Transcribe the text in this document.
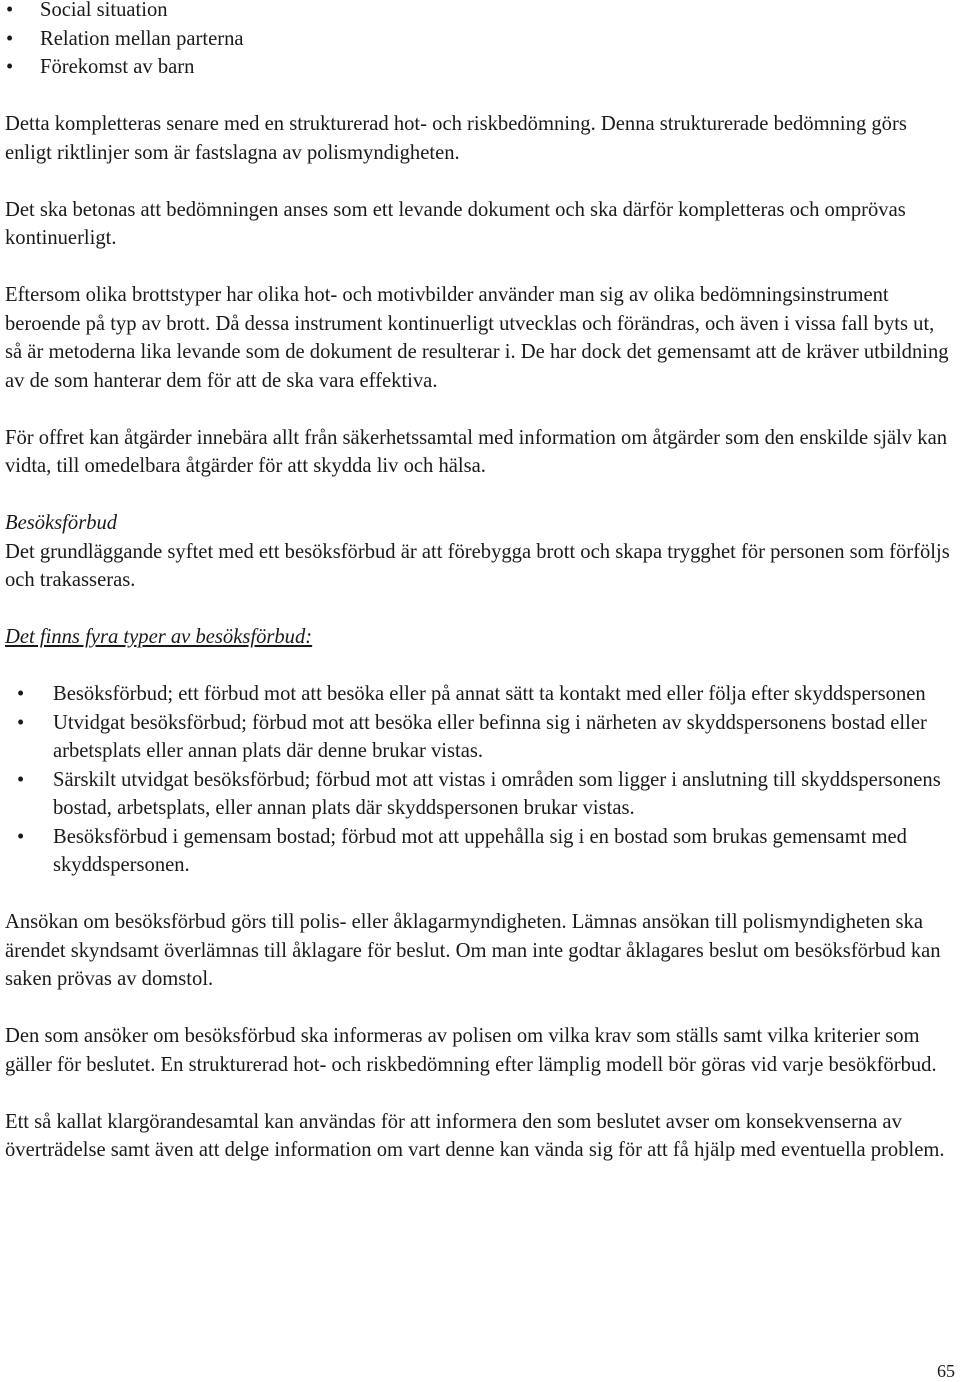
• Social situation
• Relation mellan parterna
• Förekomst av barn

Detta kompletteras senare med en strukturerad hot- och riskbedömning. Denna strukturerade bedömning görs enligt riktlinjer som är fastslagna av polismyndigheten.

Det ska betonas att bedömningen anses som ett levande dokument och ska därför kompletteras och omprövas kontinuerligt.

Eftersom olika brottstyper har olika hot- och motivbilder använder man sig av olika bedömningsinstrument beroende på typ av brott. Då dessa instrument kontinuerligt utvecklas och förändras, och även i vissa fall byts ut, så är metoderna lika levande som de dokument de resulterar i. De har dock det gemensamt att de kräver utbildning av de som hanterar dem för att de ska vara effektiva.

För offret kan åtgärder innebära allt från säkerhetssamtal med information om åtgärder som den enskilde själv kan vidta, till omedelbara åtgärder för att skydda liv och hälsa.

Besöksförbud

Det grundläggande syftet med ett besöksförbud är att förebygga brott och skapa trygghet för personen som förföljs och trakasseras.

Det finns fyra typer av besöksförbud:

• Besöksförbud; ett förbud mot att besöka eller på annat sätt ta kontakt med eller följa efter skyddspersonen
• Utvidgat besöksförbud; förbud mot att besöka eller befinna sig i närheten av skyddspersonens bostad eller arbetsplats eller annan plats där denne brukar vistas.
• Särskilt utvidgat besöksförbud; förbud mot att vistas i områden som ligger i anslutning till skyddspersonens bostad, arbetsplats, eller annan plats där skyddspersonen brukar vistas.
• Besöksförbud i gemensam bostad; förbud mot att uppehålla sig i en bostad som brukas gemensamt med skyddspersonen.

Ansökan om besöksförbud görs till polis- eller åklagarmyndigheten. Lämnas ansökan till polismyndigheten ska ärendet skyndsamt överlämnas till åklagare för beslut. Om man inte godtar åklagares beslut om besöksförbud kan saken prövas av domstol.

Den som ansöker om besöksförbud ska informeras av polisen om vilka krav som ställs samt vilka kriterier som gäller för beslutet. En strukturerad hot- och riskbedömning efter lämplig modell bör göras vid varje besökförbud.

Ett så kallat klargörandesamtal kan användas för att informera den som beslutet avser om konsekvenserna av överträdelse samt även att delge information om vart denne kan vända sig för att få hjälp med eventuella problem.

65
